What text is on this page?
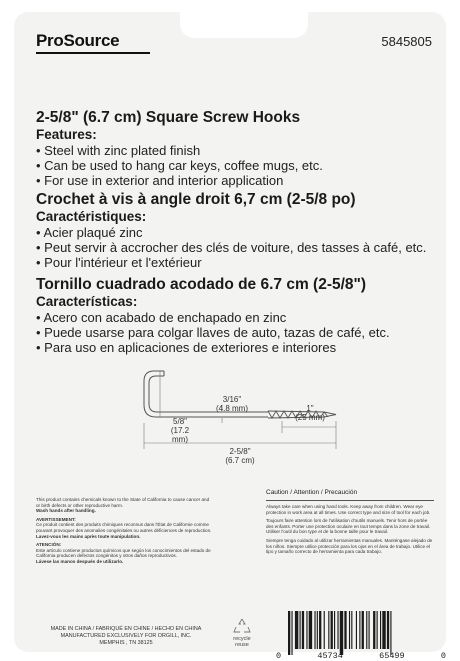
ProSource	5845805
2-5/8" (6.7 cm) Square Screw Hooks
Features:
• Steel with zinc plated finish
• Can be used to hang car keys, coffee mugs, etc.
• For use in exterior and interior application
Crochet à vis à angle droit 6,7 cm (2-5/8 po)
Caractéristiques:
• Acier plaqué zinc
• Peut servir à accrocher des clés de voiture, des tasses à café, etc.
• Pour l'intérieur et l'extérieur
Tornillo cuadrado acodado de 6.7 cm (2-5/8")
Características:
• Acero con acabado de enchapado en zinc
• Puede usarse para colgar llaves de auto, tazas de café, etc.
• Para uso en aplicaciones de exteriores e interiores
5/8"
(17.2 mm)
3/16"
(4.8 mm)	1"
(25 mm)
2-5/8"
(6.7 cm)

This product contains chemicals known to the State of California to cause cancer and or birth defects or other reproductive harm.
Wash hands after handling.

AVERTISSEMENT:
Ce produit contient des produits chimiques reconnus dans l'État de Californie comme pouvant provoquer des anomalies congénitales ou autres déficiences de reproduction.
Lavez-vous les mains après toute manipulation.

ATENCIÓN:
Este artículo contiene productos químicos que según los conocimientos del estado de California producen defectos congénitos y otros daños reproductivos.
Lávese las manos después de utilizarlo.

Caution / Attention / Precaución

Always take care when using hand tools. Keep away from children. Wear eye protection in work area at all times. Use correct type and size of tool for each job.

Toujours faire attention lors de l'utilisation d'outils manuels. Tenir hors de portée des enfants. Porter une protection oculaire en tout temps dans la zone de travail. Utiliser l'outil du bon type et de la bonne taille pour le travail.

Siempre tenga cuidado al utilizar herramientas manuales. Manténgase alejado de los niños. Siempre utilice protección para los ojos en el área de trabajo. Utilice el tipo y tamaño correcto de herramienta para cada trabajo.

MADE IN CHINA / FABRIQUÉ EN CHINE / HECHO EN CHINA
MANUFACTURED EXCLUSIVELY FOR ORGILL, INC.
MEMPHIS , TN 38125
recycle
reuse
0	45734	65499	0
